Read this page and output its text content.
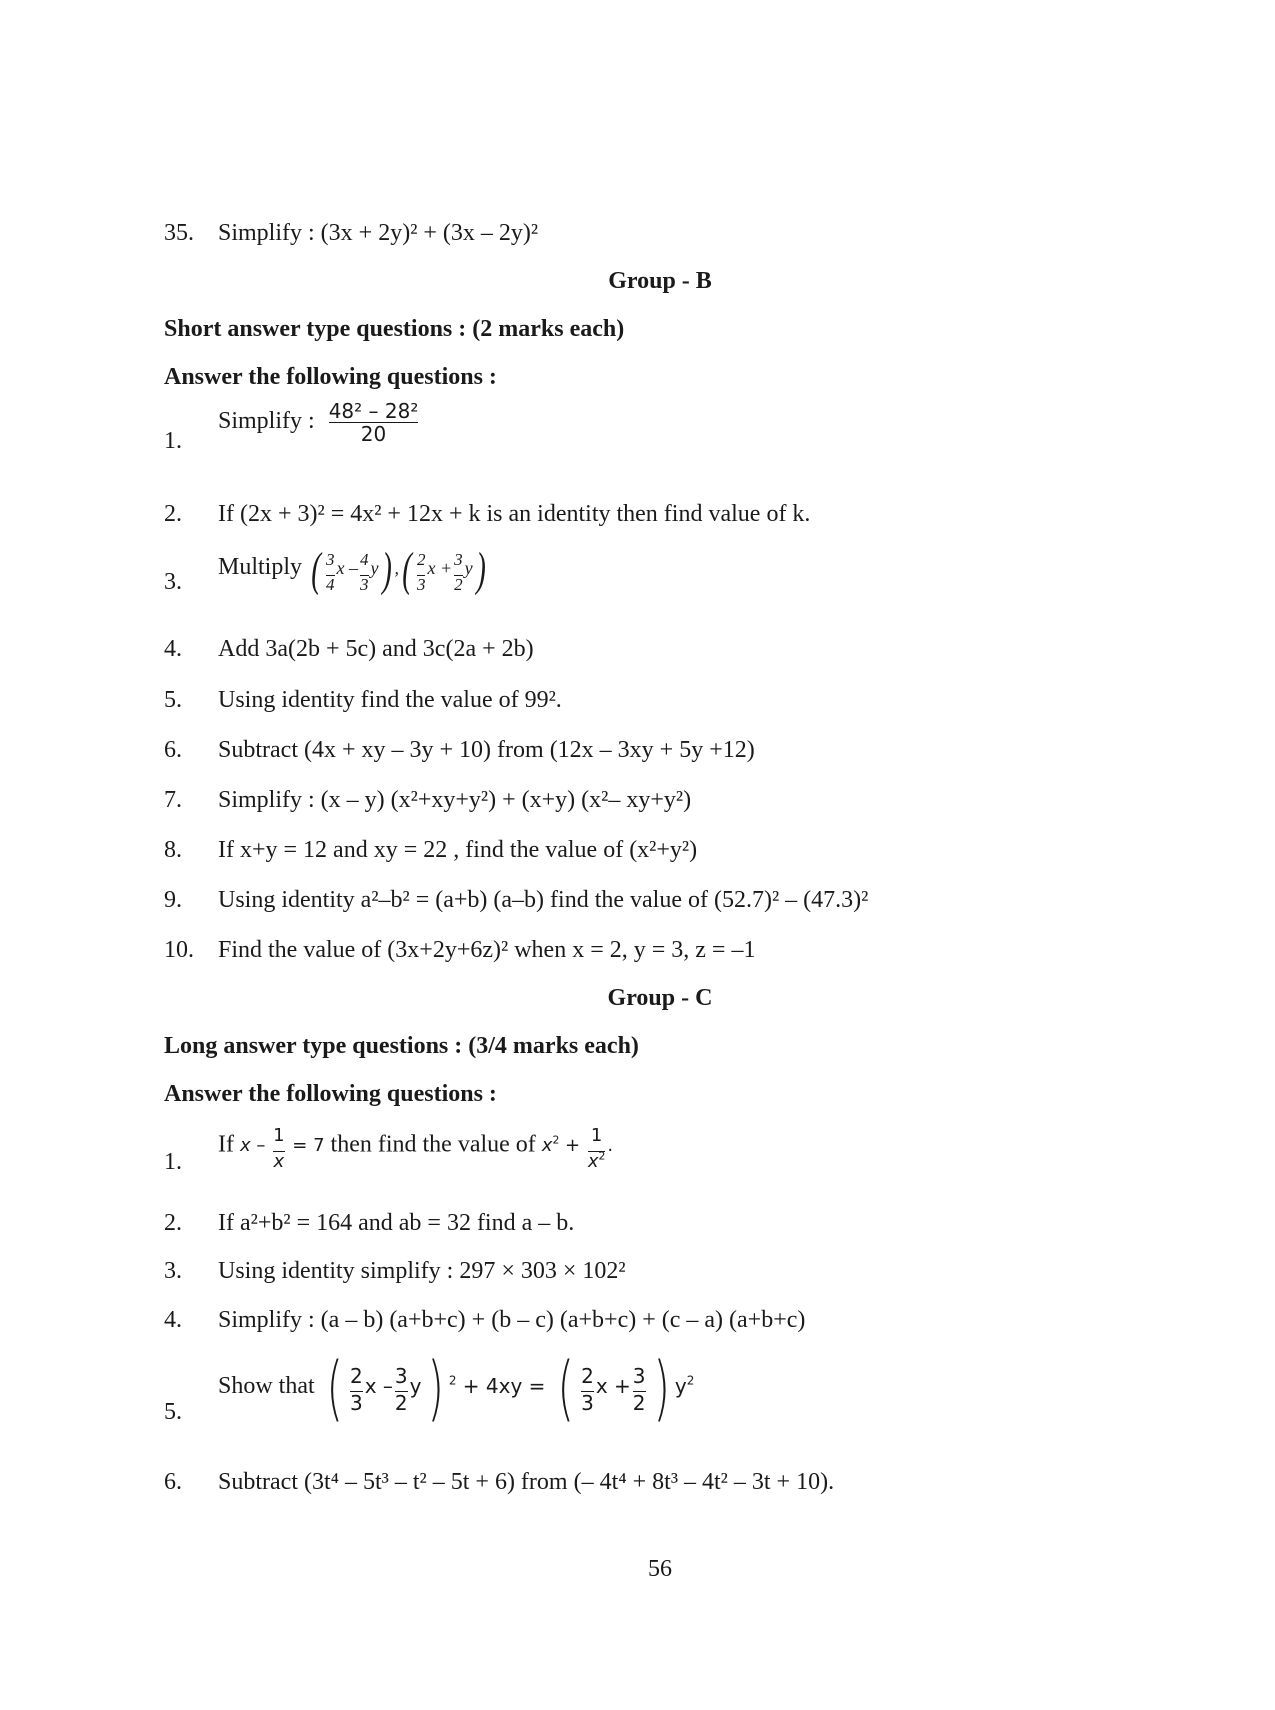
35. Simplify : (3x + 2y)² + (3x – 2y)²
Group - B
Short answer type questions : (2 marks each)
Answer the following questions :
1.
Simplify : $\frac{\text{48² – 28²}}{20}$
2. If (2x + 3)² = 4x² + 12x + k is an identity then find value of k.
3.
Multiply ( 3
4
x – 4
3
y) ,( 2
3
x + 3
2
y)
4. Add 3a(2b + 5c) and 3c(2a + 2b)
5. Using identity find the value of 99².
6. Subtract (4x + xy – 3y + 10) from (12x – 3xy + 5y +12)
7. Simplify : (x – y) (x²+xy+y²) + (x+y) (x²– xy+y²)
8. If x+y = 12 and xy = 22 , find the value of (x²+y²)
9. Using identity a²–b² = (a+b) (a–b) find the value of (52.7)² – (47.3)²
10. Find the value of (3x+2y+6z)² when x = 2, y = 3, z = –1
Group - C
Long answer type questions : (3/4 marks each)
Answer the following questions :
1.
If x – 1
x
= 7 then find the value of $x^2 + 1$
$x^2$ .
2. If a²+b² = 164 and ab = 32 find a – b.
3. Using identity simplify : 297 × 303 × 102²
4. Simplify : (a – b) (a+b+c) + (b – c) (a+b+c) + (c – a) (a+b+c)
5.
Show that ( 2
3
x – 3
2
y) $^2$ + 4xy = ( 2
3
x + 3
2 ) $y^2$
6. Subtract (3t⁴ – 5t³ – t² – 5t + 6) from (– 4t⁴ + 8t³ – 4t² – 3t + 10).
56
